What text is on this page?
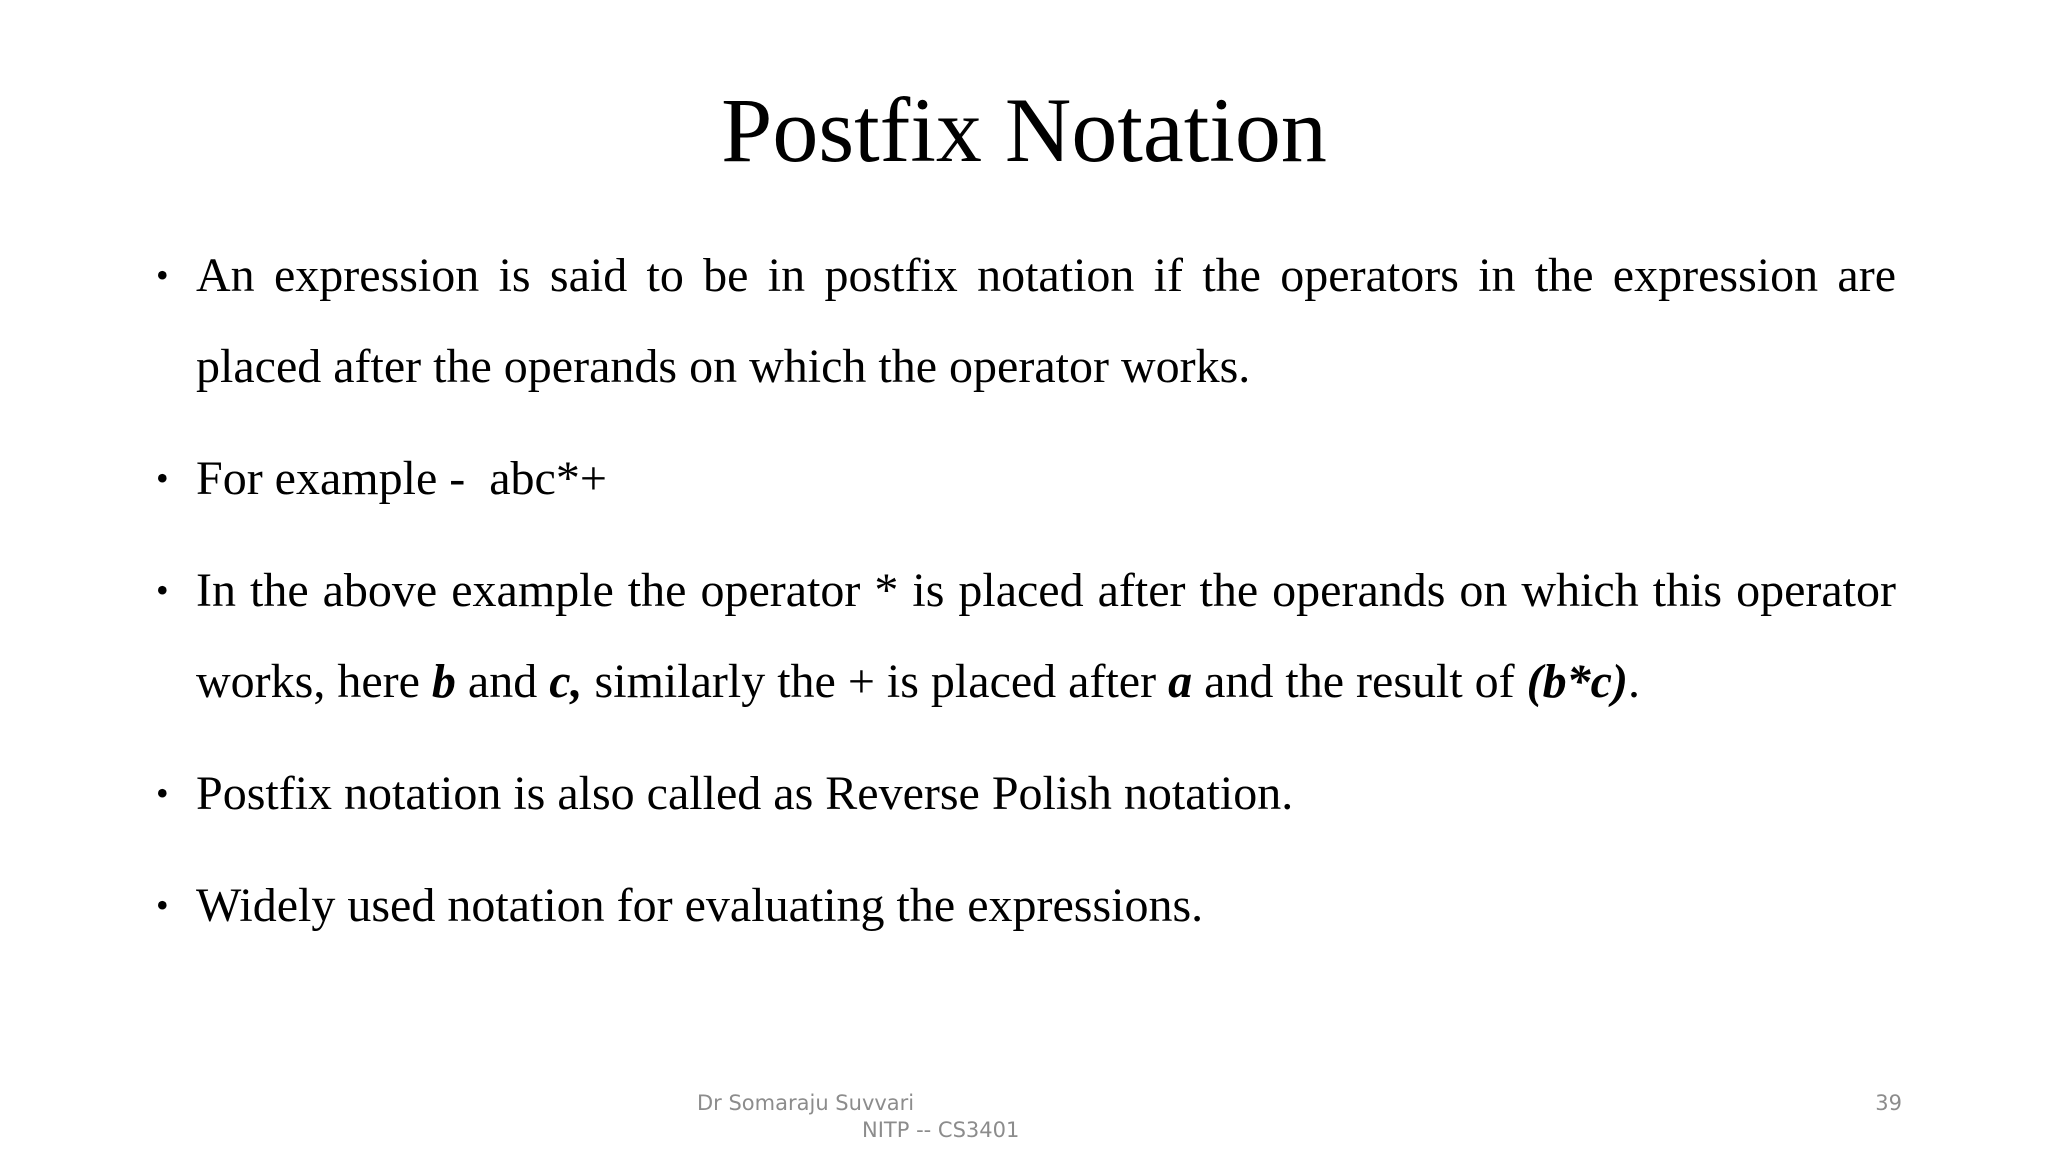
Postfix Notation
• An expression is said to be in postfix notation if the operators in the expression are placed after the operands on which the operator works.
• For example -  abc*+
• In the above example the operator * is placed after the operands on which this operator works, here b and c, similarly the + is placed after a and the result of (b*c).
• Postfix notation is also called as Reverse Polish notation.
• Widely used notation for evaluating the expressions.
Dr Somaraju Suvvari
NITP -- CS3401
39
